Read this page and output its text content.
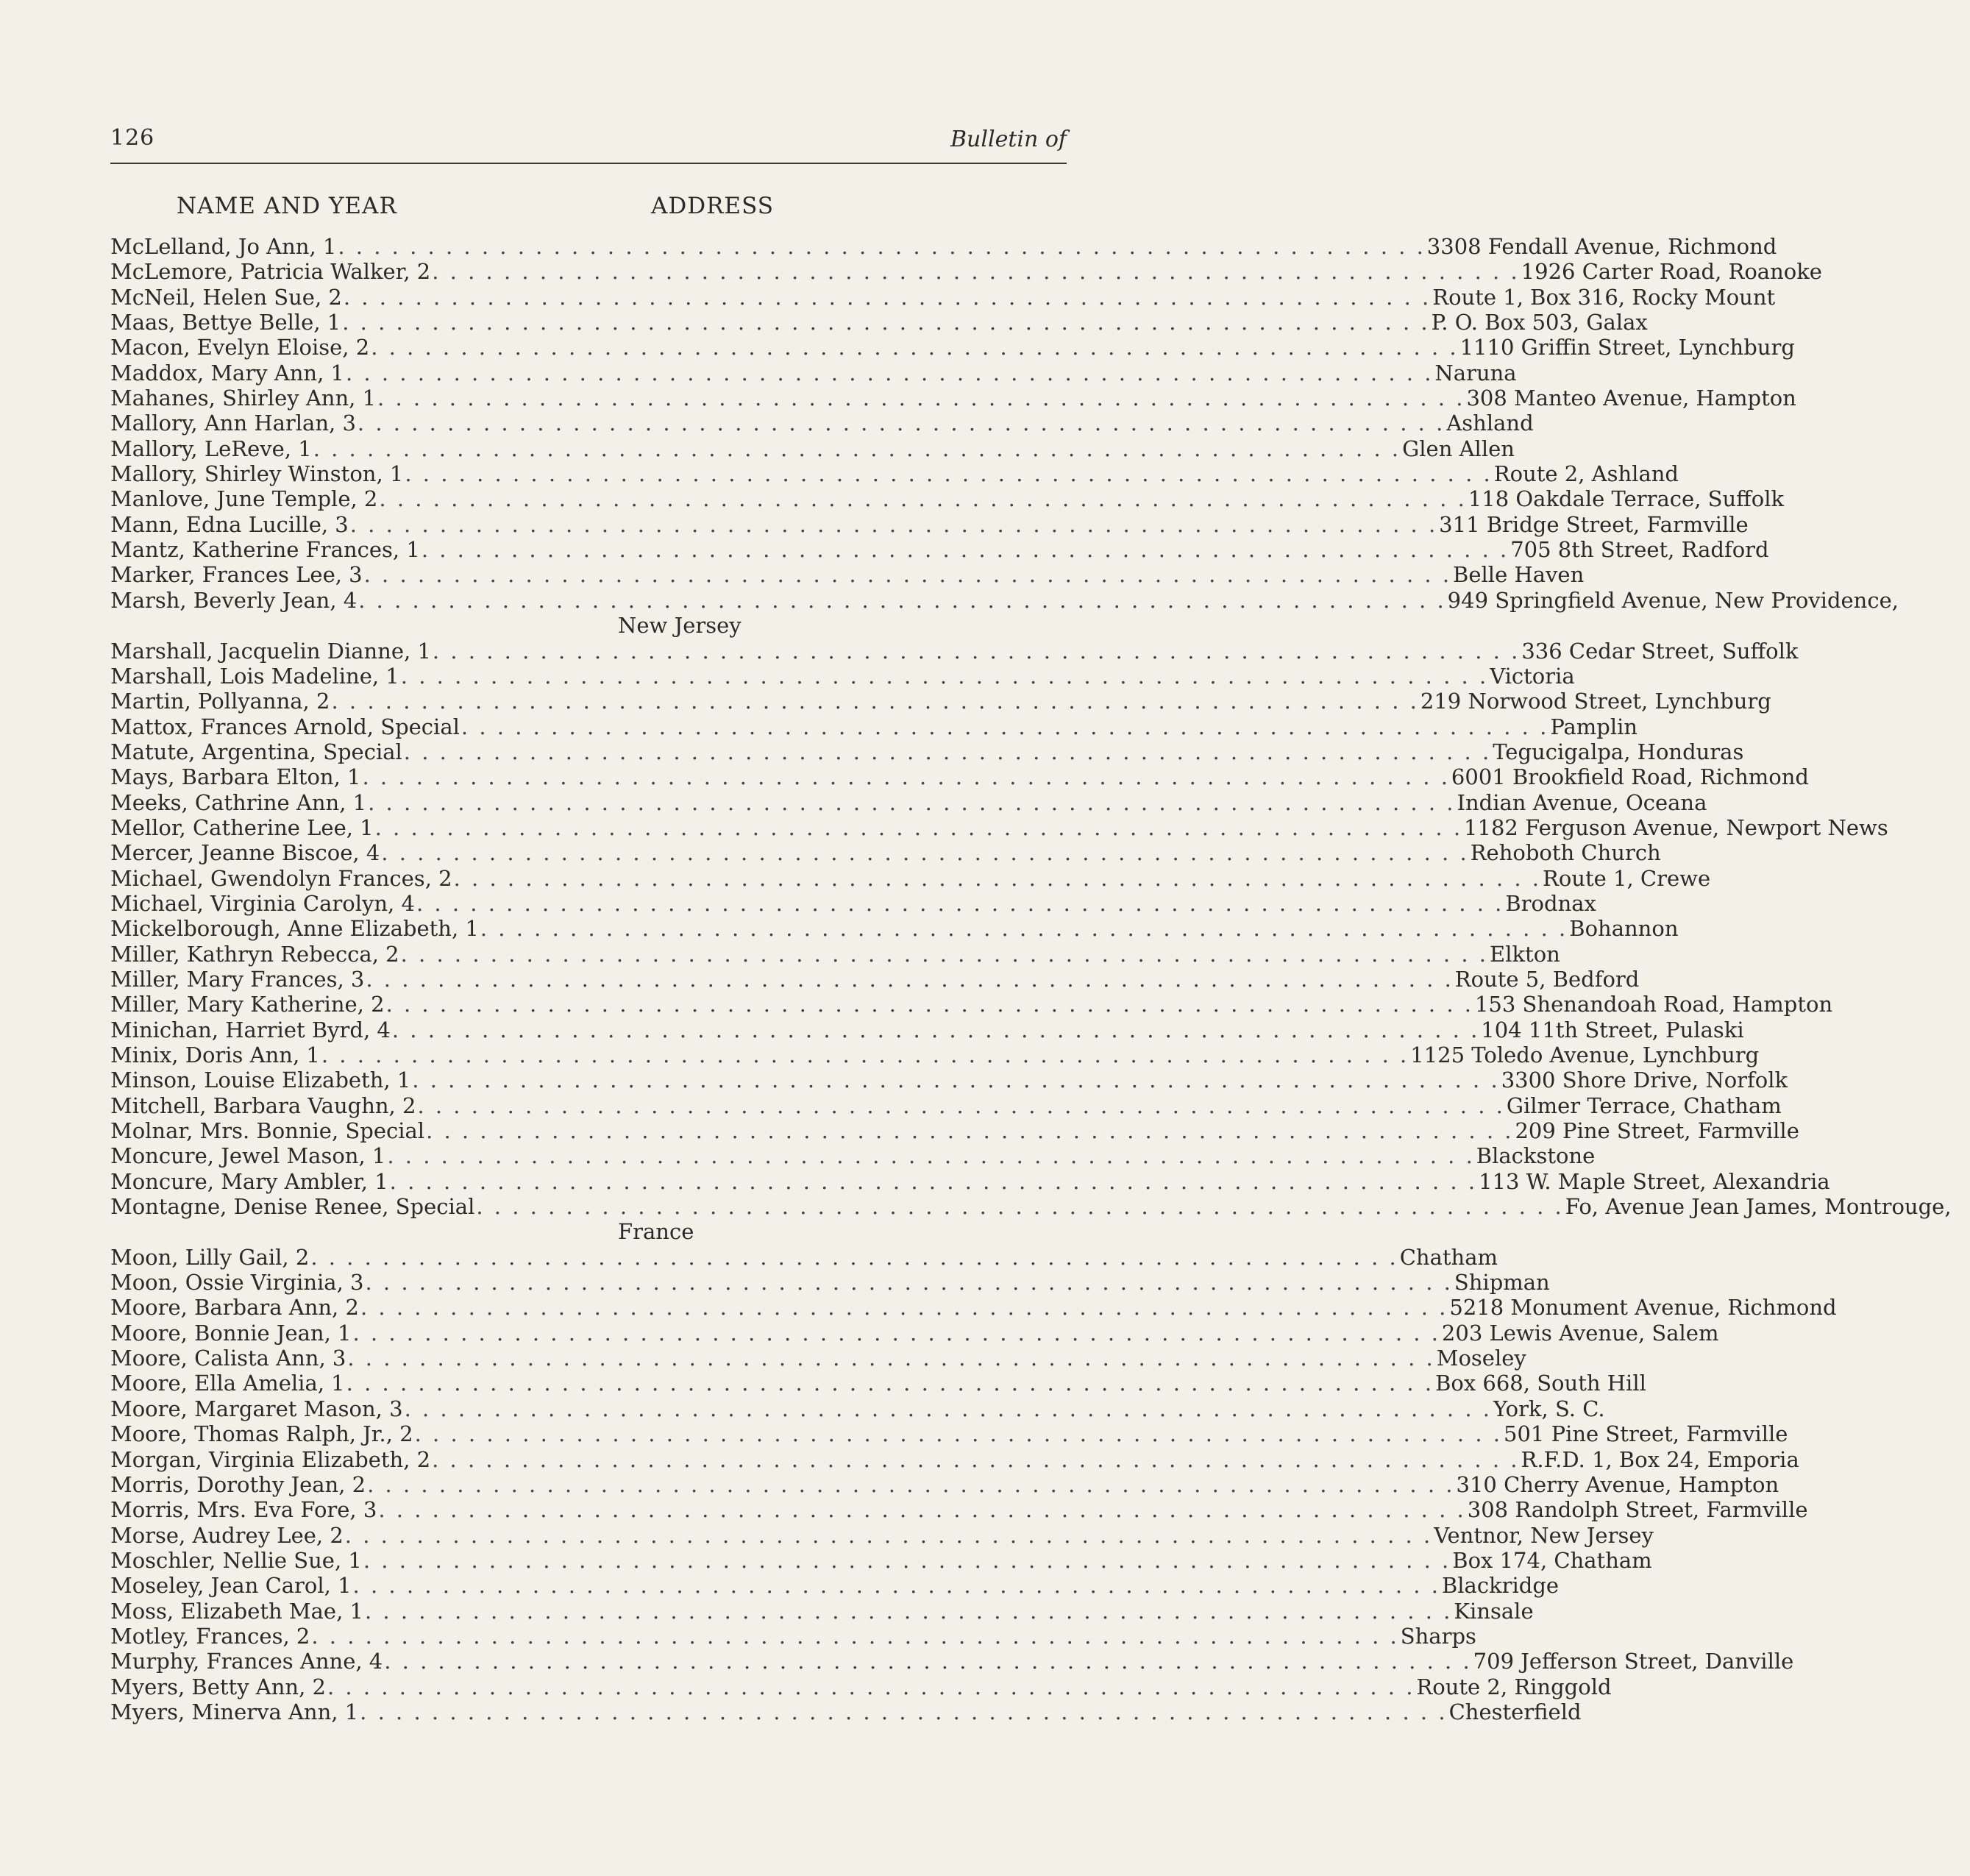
126	Bulletin of
NAME AND YEAR	ADDRESS
McLelland, Jo Ann, 1 . . .	3308 Fendall Avenue, Richmond
McLemore, Patricia Walker, 2 . . .	1926 Carter Road, Roanoke
McNeil, Helen Sue, 2 . . .	Route 1, Box 316, Rocky Mount
Maas, Bettye Belle, 1 . . .	P. O. Box 503, Galax
Macon, Evelyn Eloise, 2 . . .	1110 Griffin Street, Lynchburg
Maddox, Mary Ann, 1 . . .	Naruna
Mahanes, Shirley Ann, 1 . . .	308 Manteo Avenue, Hampton
Mallory, Ann Harlan, 3 . . .	Ashland
Mallory, LeReve, 1 . . .	Glen Allen
Mallory, Shirley Winston, 1 . . .	Route 2, Ashland
Manlove, June Temple, 2 . . .	118 Oakdale Terrace, Suffolk
Mann, Edna Lucille, 3 . . .	311 Bridge Street, Farmville
Mantz, Katherine Frances, 1 . . .	705 8th Street, Radford
Marker, Frances Lee, 3 . . .	Belle Haven
Marsh, Beverly Jean, 4 . . .	949 Springfield Avenue, New Providence,
New Jersey
Marshall, Jacquelin Dianne, 1 . . .	336 Cedar Street, Suffolk
Marshall, Lois Madeline, 1 . . .	Victoria
Martin, Pollyanna, 2 . . .	219 Norwood Street, Lynchburg
Mattox, Frances Arnold, Special . . .	Pamplin
Matute, Argentina, Special . . .	Tegucigalpa, Honduras
Mays, Barbara Elton, 1 . . .	6001 Brookfield Road, Richmond
Meeks, Cathrine Ann, 1 . . .	Indian Avenue, Oceana
Mellor, Catherine Lee, 1 . . .	1182 Ferguson Avenue, Newport News
Mercer, Jeanne Biscoe, 4 . . .	Rehoboth Church
Michael, Gwendolyn Frances, 2 . . .	Route 1, Crewe
Michael, Virginia Carolyn, 4 . . .	Brodnax
Mickelborough, Anne Elizabeth, 1 . . .	Bohannon
Miller, Kathryn Rebecca, 2 . . .	Elkton
Miller, Mary Frances, 3 . . .	Route 5, Bedford
Miller, Mary Katherine, 2 . . .	153 Shenandoah Road, Hampton
Minichan, Harriet Byrd, 4 . . .	104 11th Street, Pulaski
Minix, Doris Ann, 1 . . .	1125 Toledo Avenue, Lynchburg
Minson, Louise Elizabeth, 1 . . .	3300 Shore Drive, Norfolk
Mitchell, Barbara Vaughn, 2 . . .	Gilmer Terrace, Chatham
Molnar, Mrs. Bonnie, Special . . .	209 Pine Street, Farmville
Moncure, Jewel Mason, 1 . . .	Blackstone
Moncure, Mary Ambler, 1 . . .	113 W. Maple Street, Alexandria
Montagne, Denise Renee, Special . . .	Fo, Avenue Jean James, Montrouge,
France
Moon, Lilly Gail, 2 . . .	Chatham
Moon, Ossie Virginia, 3 . . .	Shipman
Moore, Barbara Ann, 2 . . .	5218 Monument Avenue, Richmond
Moore, Bonnie Jean, 1 . . .	203 Lewis Avenue, Salem
Moore, Calista Ann, 3 . . .	Moseley
Moore, Ella Amelia, 1 . . .	Box 668, South Hill
Moore, Margaret Mason, 3 . . .	York, S. C.
Moore, Thomas Ralph, Jr., 2 . . .	501 Pine Street, Farmville
Morgan, Virginia Elizabeth, 2 . . .	R.F.D. 1, Box 24, Emporia
Morris, Dorothy Jean, 2 . . .	310 Cherry Avenue, Hampton
Morris, Mrs. Eva Fore, 3 . . .	308 Randolph Street, Farmville
Morse, Audrey Lee, 2 . . .	Ventnor, New Jersey
Moschler, Nellie Sue, 1 . . .	Box 174, Chatham
Moseley, Jean Carol, 1 . . .	Blackridge
Moss, Elizabeth Mae, 1 . . .	Kinsale
Motley, Frances, 2 . . .	Sharps
Murphy, Frances Anne, 4 . . .	709 Jefferson Street, Danville
Myers, Betty Ann, 2 . . .	Route 2, Ringgold
Myers, Minerva Ann, 1 . . .	Chesterfield
